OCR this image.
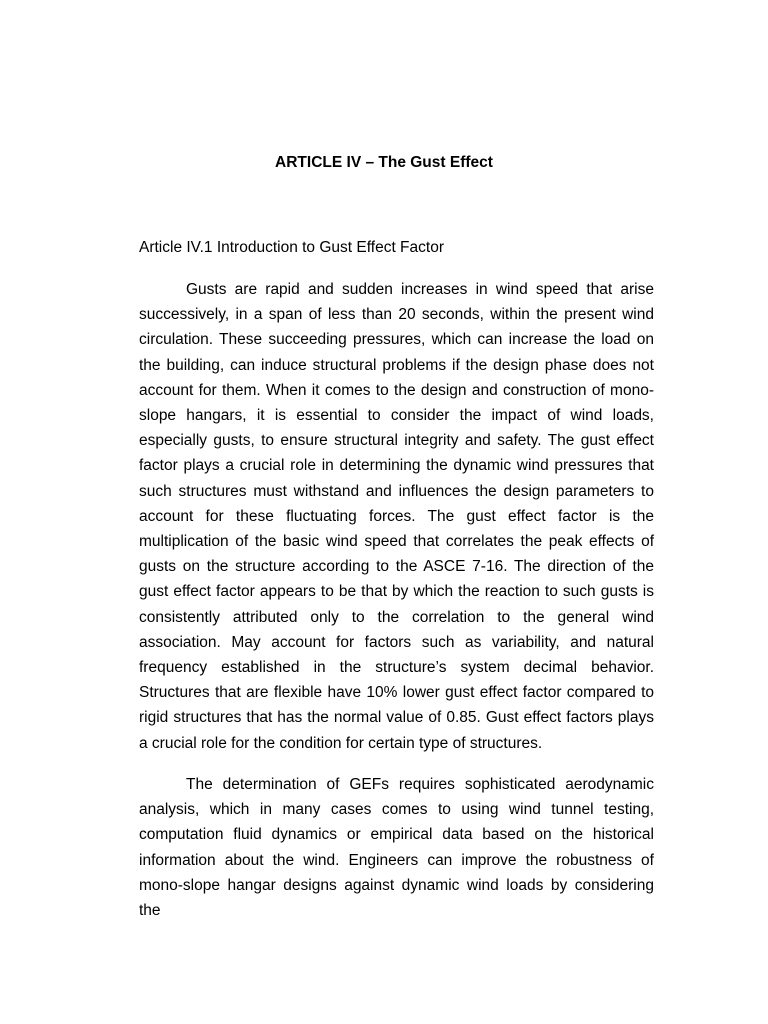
ARTICLE IV – The Gust Effect
Article IV.1 Introduction to Gust Effect Factor

Gusts are rapid and sudden increases in wind speed that arise successively, in a span of less than 20 seconds, within the present wind circulation. These succeeding pressures, which can increase the load on the building, can induce structural problems if the design phase does not account for them. When it comes to the design and construction of mono-slope hangars, it is essential to consider the impact of wind loads, especially gusts, to ensure structural integrity and safety. The gust effect factor plays a crucial role in determining the dynamic wind pressures that such structures must withstand and influences the design parameters to account for these fluctuating forces. The gust effect factor is the multiplication of the basic wind speed that correlates the peak effects of gusts on the structure according to the ASCE 7-16. The direction of the gust effect factor appears to be that by which the reaction to such gusts is consistently attributed only to the correlation to the general wind association. May account for factors such as variability, and natural frequency established in the structure’s system decimal behavior. Structures that are flexible have 10% lower gust effect factor compared to rigid structures that has the normal value of 0.85. Gust effect factors plays a crucial role for the condition for certain type of structures.

The determination of GEFs requires sophisticated aerodynamic analysis, which in many cases comes to using wind tunnel testing, computation fluid dynamics or empirical data based on the historical information about the wind. Engineers can improve the robustness of mono-slope hangar designs against dynamic wind loads by considering the
